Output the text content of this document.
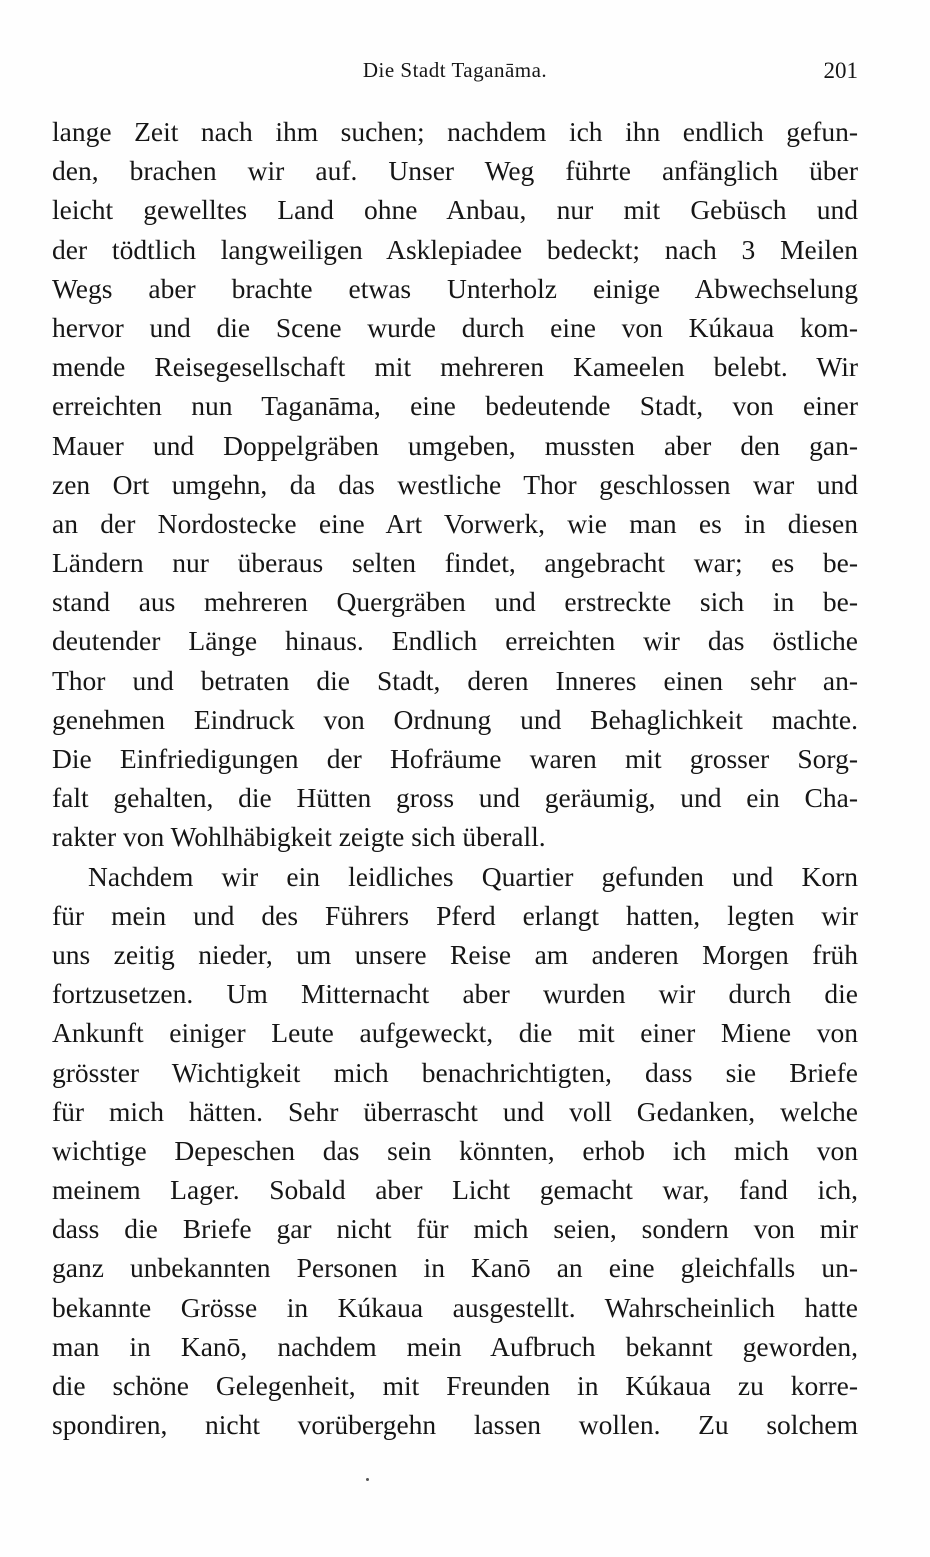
Die Stadt Taganāma.	201
lange Zeit nach ihm suchen; nachdem ich ihn endlich gefun-
den, brachen wir auf. Unser Weg führte anfänglich über
leicht gewelltes Land ohne Anbau, nur mit Gebüsch und
der tödtlich langweiligen Asklepiadee bedeckt; nach 3 Meilen
Wegs aber brachte etwas Unterholz einige Abwechselung
hervor und die Scene wurde durch eine von Kúkaua kom-
mende Reisegesellschaft mit mehreren Kameelen belebt. Wir
erreichten nun Taganāma, eine bedeutende Stadt, von einer
Mauer und Doppelgräben umgeben, mussten aber den gan-
zen Ort umgehn, da das westliche Thor geschlossen war und
an der Nordostecke eine Art Vorwerk, wie man es in diesen
Ländern nur überaus selten findet, angebracht war; es be-
stand aus mehreren Quergräben und erstreckte sich in be-
deutender Länge hinaus. Endlich erreichten wir das östliche
Thor und betraten die Stadt, deren Inneres einen sehr an-
genehmen Eindruck von Ordnung und Behaglichkeit machte.
Die Einfriedigungen der Hofräume waren mit grosser Sorg-
falt gehalten, die Hütten gross und geräumig, und ein Cha-
rakter von Wohlhäbigkeit zeigte sich überall.
Nachdem wir ein leidliches Quartier gefunden und Korn
für mein und des Führers Pferd erlangt hatten, legten wir
uns zeitig nieder, um unsere Reise am anderen Morgen früh
fortzusetzen. Um Mitternacht aber wurden wir durch die
Ankunft einiger Leute aufgeweckt, die mit einer Miene von
grösster Wichtigkeit mich benachrichtigten, dass sie Briefe
für mich hätten. Sehr überrascht und voll Gedanken, welche
wichtige Depeschen das sein könnten, erhob ich mich von
meinem Lager. Sobald aber Licht gemacht war, fand ich,
dass die Briefe gar nicht für mich seien, sondern von mir
ganz unbekannten Personen in Kanō an eine gleichfalls un-
bekannte Grösse in Kúkaua ausgestellt. Wahrscheinlich hatte
man in Kanō, nachdem mein Aufbruch bekannt geworden,
die schöne Gelegenheit, mit Freunden in Kúkaua zu korre-
spondiren, nicht vorübergehn lassen wollen. Zu solchem
